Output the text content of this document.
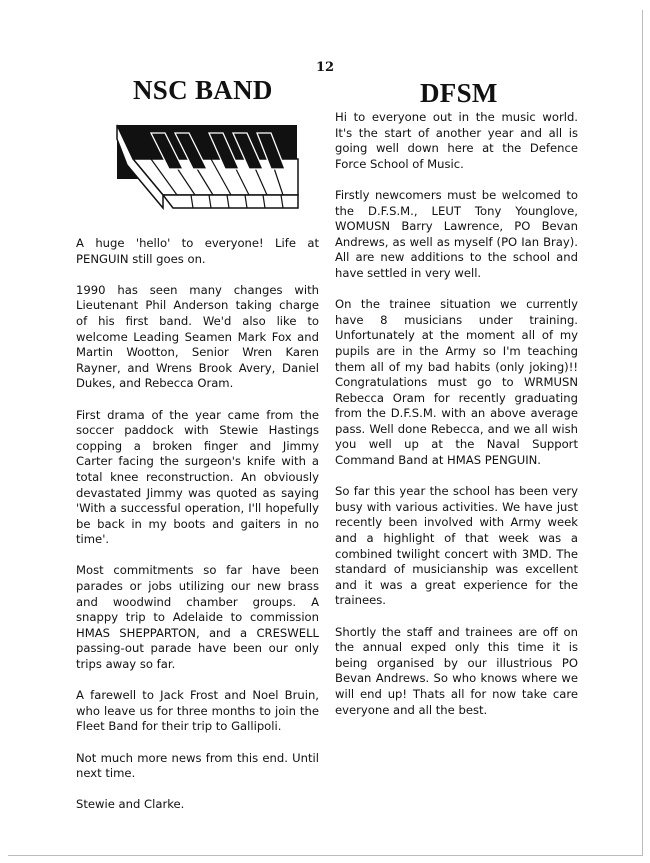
12
NSC BAND	DFSM

A huge 'hello' to everyone! Life at PENGUIN still goes on.

1990 has seen many changes with Lieutenant Phil Anderson taking charge of his first band. We'd also like to welcome Leading Seamen Mark Fox and Martin Wootton, Senior Wren Karen Rayner, and Wrens Brook Avery, Daniel Dukes, and Rebecca Oram.

First drama of the year came from the soccer paddock with Stewie Hastings copping a broken finger and Jimmy Carter facing the surgeon's knife with a total knee reconstruction. An obviously devastated Jimmy was quoted as saying 'With a successful operation, I'll hopefully be back in my boots and gaiters in no time'.

Most commitments so far have been parades or jobs utilizing our new brass and woodwind chamber groups. A snappy trip to Adelaide to commission HMAS SHEPPARTON, and a CRESWELL passing-out parade have been our only trips away so far.

A farewell to Jack Frost and Noel Bruin, who leave us for three months to join the Fleet Band for their trip to Gallipoli.

Not much more news from this end. Until next time.

Stewie and Clarke.

Hi to everyone out in the music world. It's the start of another year and all is going well down here at the Defence Force School of Music.

Firstly newcomers must be welcomed to the D.F.S.M., LEUT Tony Younglove, WOMUSN Barry Lawrence, PO Bevan Andrews, as well as myself (PO Ian Bray). All are new additions to the school and have settled in very well.

On the trainee situation we currently have 8 musicians under training. Unfortunately at the moment all of my pupils are in the Army so I'm teaching them all of my bad habits (only joking)!! Congratulations must go to WRMUSN Rebecca Oram for recently graduating from the D.F.S.M. with an above average pass. Well done Rebecca, and we all wish you well up at the Naval Support Command Band at HMAS PENGUIN.

So far this year the school has been very busy with various activities. We have just recently been involved with Army week and a highlight of that week was a combined twilight concert with 3MD. The standard of musicianship was excellent and it was a great experience for the trainees.

Shortly the staff and trainees are off on the annual exped only this time it is being organised by our illustrious PO Bevan Andrews. So who knows where we will end up! Thats all for now take care everyone and all the best.
